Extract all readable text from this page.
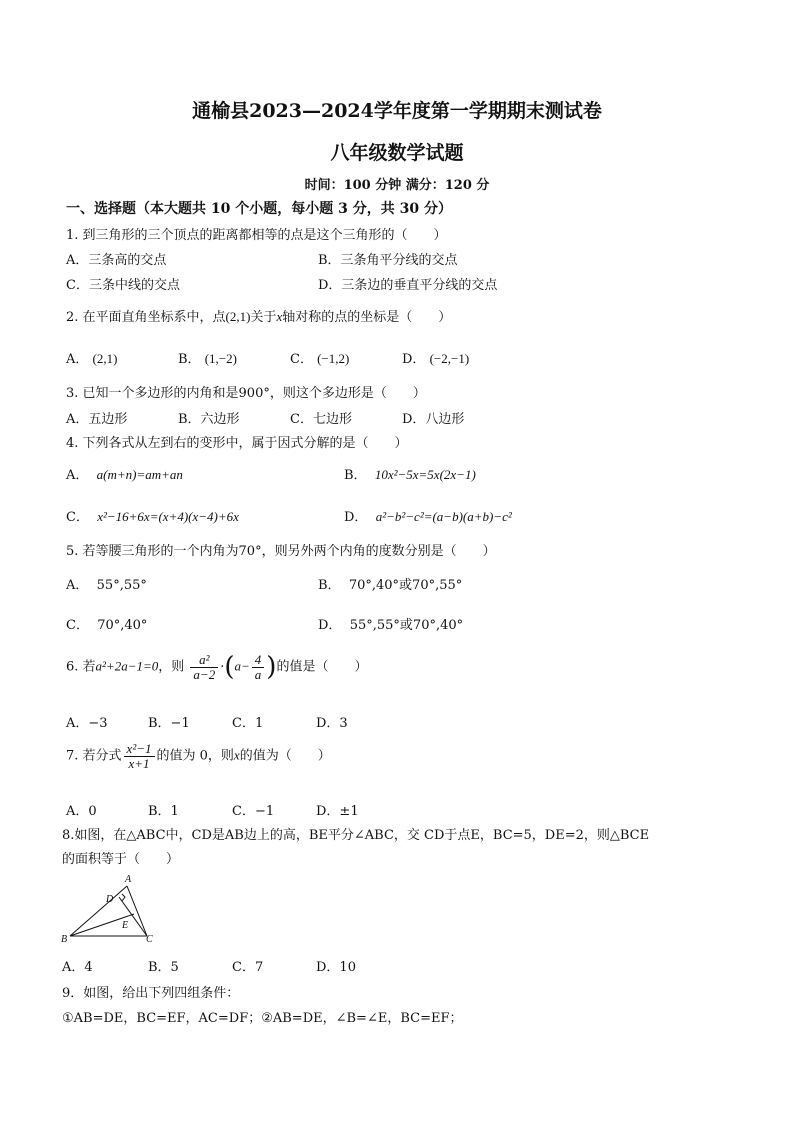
通榆县2023—2024学年度第一学期期末测试卷
八年级数学试题
时间：100 分钟 满分：120 分
一、选择题（本大题共 10 个小题，每小题 3 分，共 30 分）
1. 到三角形的三个顶点的距离都相等的点是这个三角形的（　　）
A．三条高的交点	B．三条角平分线的交点
C．三条中线的交点	D．三条边的垂直平分线的交点
2. 在平面直角坐标系中，点(2,1)关于x轴对称的点的坐标是（　　）
A． (2,1)	B． (1,−2)	C． (−1,2)	D． (−2,−1)
3. 已知一个多边形的内角和是900°，则这个多边形是（　　）
A．五边形	B．六边形	C．七边形	D．八边形
4. 下列各式从左到右的变形中，属于因式分解的是（　　）
A． a(m+n)=am+an	B． 10x²−5x=5x(2x−1)
C． x²−16+6x=(x+4)(x−4)+6x	D． a²−b²−c²=(a−b)(a+b)−c²
5. 若等腰三角形的一个内角为70°，则另外两个内角的度数分别是（　　）
A． 55°,55°	B． 70°,40°或70°,55°
C． 70°,40°	D． 55°,55°或70°,40°
6. 若a²+2a−1=0，则 $\frac{\text{a²}}{a-2} \cdot(a- \frac{4}{a}$ )的值是（　　）
A．−3	B．−1	C．1	D．3
7. 若分式 $\frac{\text{x²−1}}{x+1}$ 的值为 0，则x的值为（　　）
A．0	B．1	C．−1	D．±1
8.如图，在△ABC中，CD是AB边上的高，BE平分∠ABC，交 CD于点E，BC=5，DE=2，则△BCE
的面积等于（　　）
A
D
E
B	C
A．4	B．5	C．7	D．10
9．如图，给出下列四组条件：
①AB=DE，BC=EF，AC=DF；②AB=DE，∠B=∠E，BC=EF；
